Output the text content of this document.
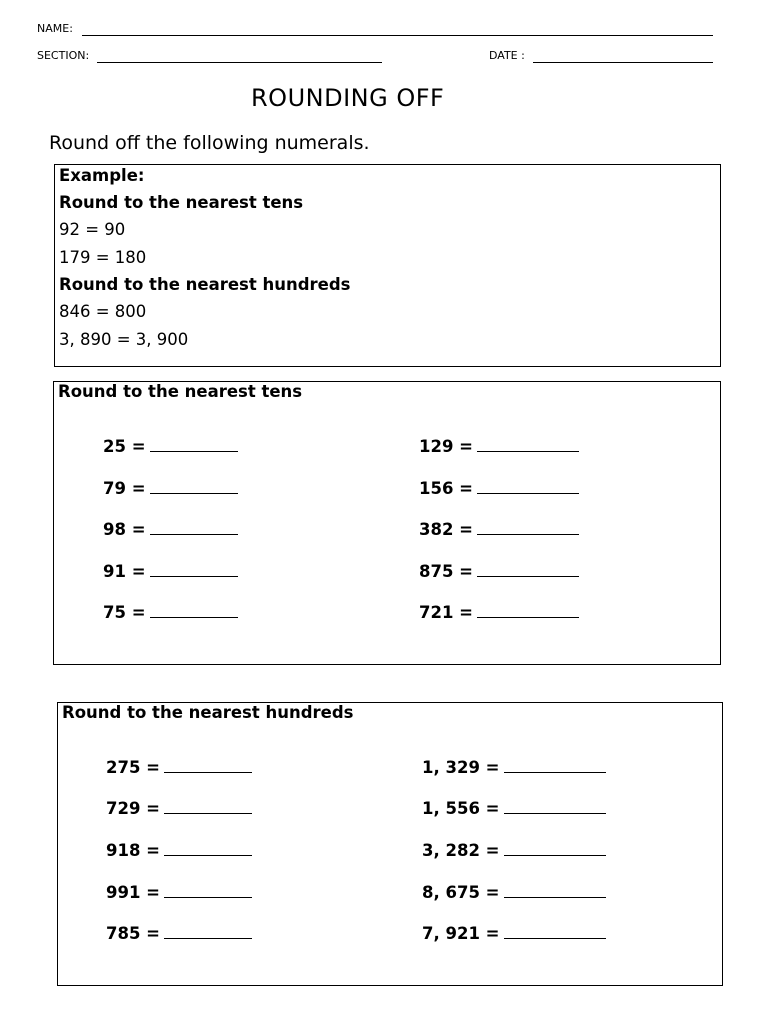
NAME:
SECTION:	DATE :
ROUNDING OFF
Round off the following numerals.
Example:
Round to the nearest tens
92 = 90
179 = 180
Round to the nearest hundreds
846 = 800
3, 890 = 3, 900
Round to the nearest tens
25 =
79 =
98 =
91 =
75 =
129 =
156 =
382 =
875 =
721 =
Round to the nearest hundreds
275 =
729 =
918 =
991 =
785 =
1, 329 =
1, 556 =
3, 282 =
8, 675 =
7, 921 =
